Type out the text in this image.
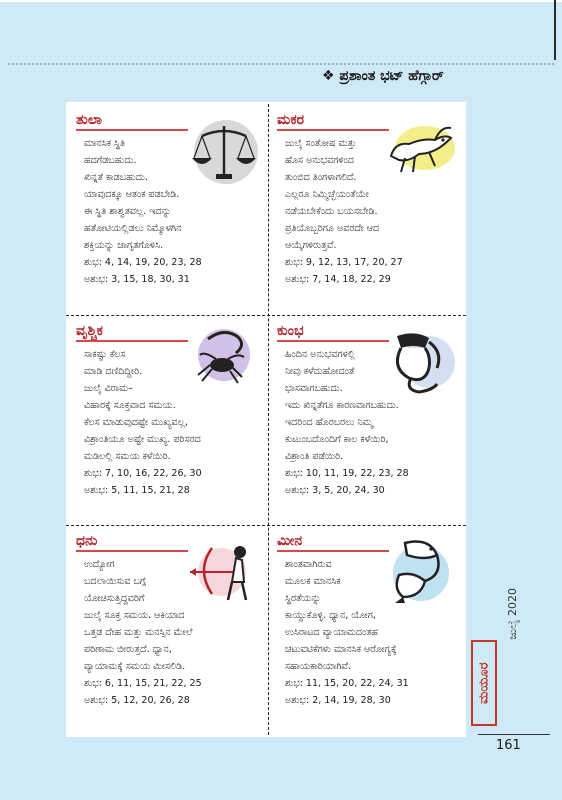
❖ ಪ್ರಶಾಂತ ಭಟ್ ಹೆಗ್ಗಾರ್
ತುಲಾ
ಮಾನಸಿಕ ಸ್ಥಿತಿ
ಹದಗೆಡಬಹುದು.
ಖಿನ್ನತೆ ಕಾಡಬಹುದು.
ಯಾವುದಕ್ಕೂ ಆತಂಕ ಪಡಬೇಡಿ.
ಈ ಸ್ಥಿತಿ ಶಾಶ್ವತವಲ್ಲ. ಇದನ್ನು
ಹತೋಟಿಯಲ್ಲಿಡಲು ನಿಮ್ಮೊಳಗಿನ
ಶಕ್ತಿಯನ್ನು ಜಾಗೃತಗೊಳಿಸಿ.
ಶುಭ: 4, 14, 19, 20, 23, 28
ಅಶುಭ: 3, 15, 18, 30, 31
ಮಕರ
ಜುಲೈ ಸಂತೋಷ ಮತ್ತು
ಹೊಸ ಅನುಭವಗಳಿಂದ
ತುಂಬಿದ ತಿಂಗಳಾಗಲಿದೆ.
ಎಲ್ಲರೂ ನಿಮ್ಮಿಚ್ಛೆಯಂತೆಯೇ
ನಡೆಯಬೇಕೆಂದು ಬಯಸಬೇಡಿ.
ಪ್ರತಿಯೊಬ್ಬರಿಗೂ ಅವರದೇ ಆದ
ಆಯ್ಕೆಗಳಿರುತ್ತವೆ.
ಶುಭ: 9, 12, 13, 17, 20, 27
ಅಶುಭ: 7, 14, 18, 22, 29
ವೃಶ್ಚಿಕ
ಸಾಕಷ್ಟು ಕೆಲಸ
ಮಾಡಿ ದಣಿದಿದ್ದೀರಿ.
ಜುಲೈ ವಿರಾಮ–
ವಿಹಾರಕ್ಕೆ ಸೂಕ್ತವಾದ ಸಮಯ.
ಕೆಲಸ ಮಾಡುವುದಷ್ಟೇ ಮುಖ್ಯವಲ್ಲ,
ವಿಶ್ರಾಂತಿಯೂ ಅಷ್ಟೇ ಮುಖ್ಯ. ಪರಿಸರದ
ಮಡಿಲಲ್ಲಿ ಸಮಯ ಕಳೆಯಿರಿ.
ಶುಭ: 7, 10, 16, 22, 26, 30
ಅಶುಭ: 5, 11, 15, 21, 28
ಕುಂಭ
ಹಿಂದಿನ ಅನುಭವಗಳಲ್ಲಿ
ನೀವು ಕಳೆದುಹೋದಂತೆ
ಭಾಸವಾಗಬಹುದು.
ಇದು ಖಿನ್ನತೆಗೂ ಕಾರಣವಾಗಬಹುದು.
ಇದರಿಂದ ಹೊರಬರಲು ನಿಮ್ಮ
ಕುಟುಂಬದೊಂದಿಗೆ ಕಾಲ ಕಳೆಯಿರಿ,
ವಿಶ್ರಾಂತಿ ಪಡೆಯಿರಿ.
ಶುಭ: 10, 11, 19, 22, 23, 28
ಅಶುಭ: 3, 5, 20, 24, 30
ಧನು
ಉದ್ಯೋಗ
ಬದಲಾಯಿಸುವ ಬಗ್ಗೆ
ಯೋಚಿಸುತ್ತಿದ್ದವರಿಗೆ
ಜುಲೈ ಸೂಕ್ತ ಸಮಯ. ಆಕಿಯಾದ
ಒತ್ತಡ ದೇಹ ಮತ್ತು ಮನಸ್ಸಿನ ಮೇಲೆ
ಪರಿಣಾಮ ಬೀರುತ್ತದೆ. ಧ್ಯಾನ,
ವ್ಯಾಯಾಮಕ್ಕೆ ಸಮಯ ಮೀಸಲಿಡಿ.
ಶುಭ: 6, 11, 15, 21, 22, 25
ಅಶುಭ: 5, 12, 20, 26, 28
ಮೀನ
ಶಾಂತವಾಗಿರುವ
ಮೂಲಕ ಮಾನಸಿಕ
ಸ್ಥಿರತೆಯನ್ನು
ಕಾಯ್ದುಕೊಳ್ಳಿ. ಧ್ಯಾನ, ಯೋಗ,
ಉಸಿರಾಟದ ವ್ಯಾಯಾಮದಂತಹ
ಚಟುವಟಿಕೆಗಳು ಮಾನಸಿಕ ಆರೋಗ್ಯಕ್ಕೆ
ಸಹಾಯಕಾರಿಯಾಗಿವೆ.
ಶುಭ: 11, 15, 20, 22, 24, 31
ಅಶುಭ: 2, 14, 19, 28, 30	ಮಯೂರ
ಜುಲೈ 2020
161
